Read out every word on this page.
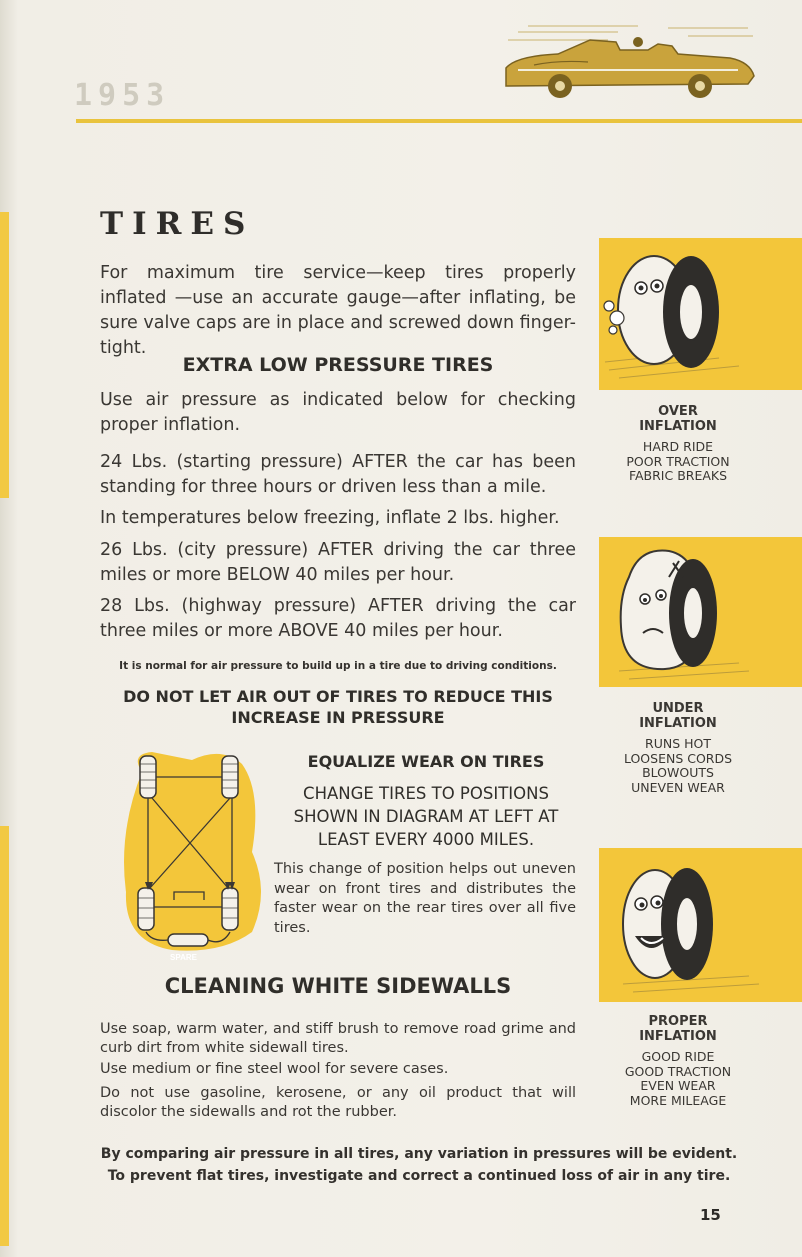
1953
TIRES

For maximum tire service—keep tires properly inflated —use an accurate gauge—after inflating, be sure valve caps are in place and screwed down finger-tight.

EXTRA LOW PRESSURE TIRES

Use air pressure as indicated below for checking proper inflation.

24 Lbs. (starting pressure) AFTER the car has been standing for three hours or driven less than a mile.

In temperatures below freezing, inflate 2 lbs. higher.

26 Lbs. (city pressure) AFTER driving the car three miles or more BELOW 40 miles per hour.

28 Lbs. (highway pressure) AFTER driving the car three miles or more ABOVE 40 miles per hour.

It is normal for air pressure to build up in a tire due to driving conditions.

DO NOT LET AIR OUT OF TIRES TO REDUCE THIS INCREASE IN PRESSURE
SPARE
EQUALIZE WEAR ON TIRES

CHANGE TIRES TO POSITIONS SHOWN IN DIAGRAM AT LEFT AT LEAST EVERY 4000 MILES.

This change of position helps out uneven wear on front tires and distributes the faster wear on the rear tires over all five tires.

CLEANING WHITE SIDEWALLS

Use soap, warm water, and stiff brush to remove road grime and curb dirt from white sidewall tires.

Use medium or fine steel wool for severe cases.

Do not use gasoline, kerosene, or any oil product that will discolor the sidewalls and rot the rubber.

By comparing air pressure in all tires, any variation in pressures will be evident.

To prevent flat tires, investigate and correct a continued loss of air in any tire.

15

OVER
INFLATION
HARD RIDE
POOR TRACTION
FABRIC BREAKS
UNDER
INFLATION
RUNS HOT
LOOSENS CORDS
BLOWOUTS
UNEVEN WEAR
PROPER
INFLATION
GOOD RIDE
GOOD TRACTION
EVEN WEAR
MORE MILEAGE
